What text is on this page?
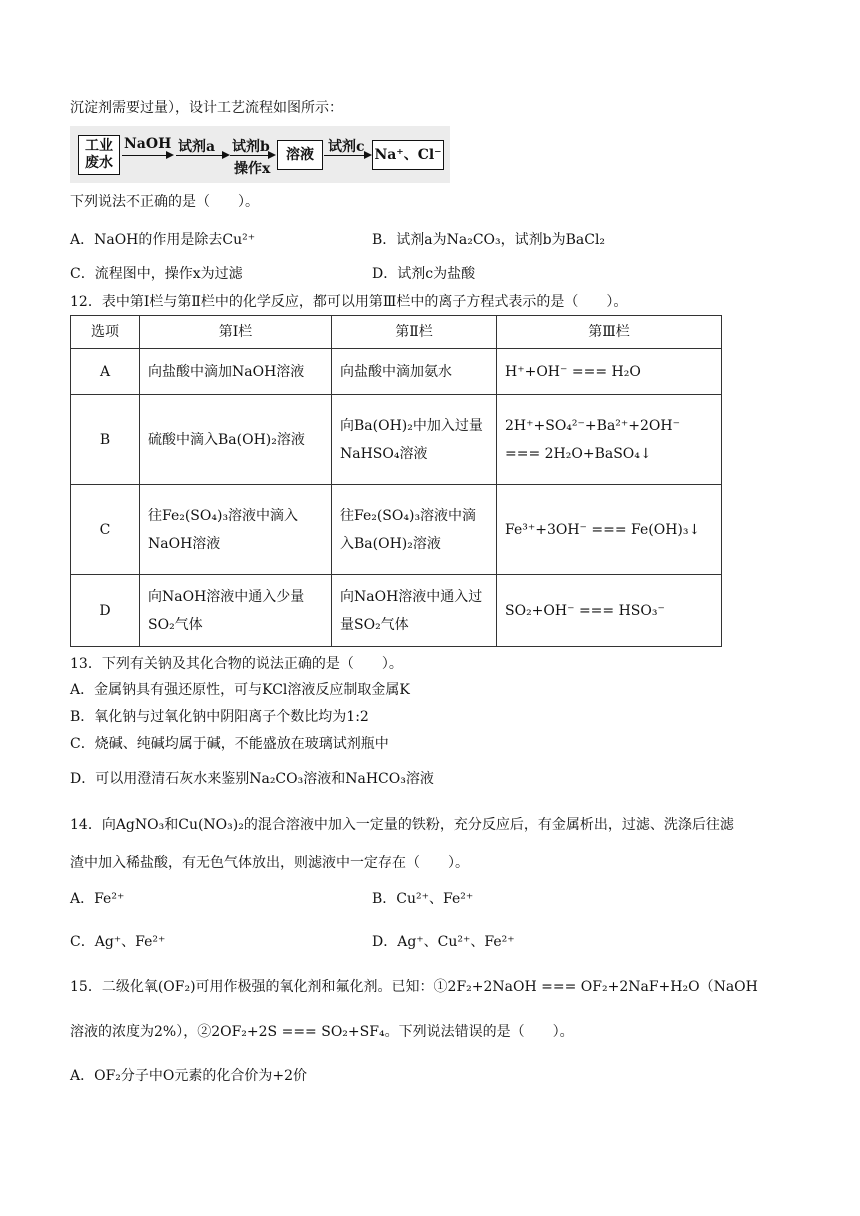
沉淀剂需要过量），设计工艺流程如图所示：
工业废水
NaOH 试剂a 试剂b
操作x
溶液	试剂c Na⁺、Cl⁻
下列说法不正确的是（　　）。
A．NaOH的作用是除去Cu²⁺	B．试剂a为Na₂CO₃，试剂b为BaCl₂
C．流程图中，操作x为过滤	D．试剂c为盐酸
12．表中第Ⅰ栏与第Ⅱ栏中的化学反应，都可以用第Ⅲ栏中的离子方程式表示的是（　　）。
选项	第Ⅰ栏	第Ⅱ栏	第Ⅲ栏
A	向盐酸中滴加NaOH溶液	向盐酸中滴加氨水	H⁺+OH⁻ === H₂O
B	硫酸中滴入Ba(OH)₂溶液	向Ba(OH)₂中加入过量NaHSO₄溶液	2H⁺+SO₄²⁻+Ba²⁺+2OH⁻ === 2H₂O+BaSO₄↓
C	往Fe₂(SO₄)₃溶液中滴入NaOH溶液	往Fe₂(SO₄)₃溶液中滴入Ba(OH)₂溶液	Fe³⁺+3OH⁻ === Fe(OH)₃↓
D	向NaOH溶液中通入少量SO₂气体	向NaOH溶液中通入过量SO₂气体	SO₂+OH⁻ === HSO₃⁻
13．下列有关钠及其化合物的说法正确的是（　　）。
A．金属钠具有强还原性，可与KCl溶液反应制取金属K
B．氧化钠与过氧化钠中阴阳离子个数比均为1:2
C．烧碱、纯碱均属于碱，不能盛放在玻璃试剂瓶中
D．可以用澄清石灰水来鉴别Na₂CO₃溶液和NaHCO₃溶液
14．向AgNO₃和Cu(NO₃)₂的混合溶液中加入一定量的铁粉，充分反应后，有金属析出，过滤、洗涤后往滤
渣中加入稀盐酸，有无色气体放出，则滤液中一定存在（　　）。
A．Fe²⁺	B．Cu²⁺、Fe²⁺
C．Ag⁺、Fe²⁺	D．Ag⁺、Cu²⁺、Fe²⁺
15．二级化氧(OF₂)可用作极强的氧化剂和氟化剂。已知：①2F₂+2NaOH === OF₂+2NaF+H₂O（NaOH
溶液的浓度为2%），②2OF₂+2S === SO₂+SF₄。下列说法错误的是（　　）。
A．OF₂分子中O元素的化合价为+2价
